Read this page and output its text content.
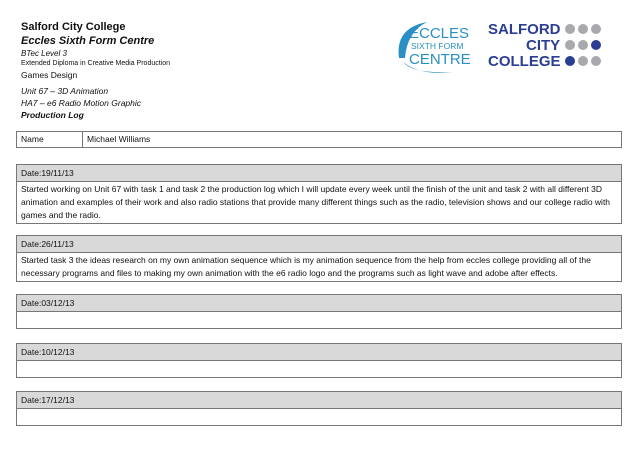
Salford City College
Eccles Sixth Form Centre
BTec Level 3
Extended Diploma in Creative Media Production
Games Design
Unit 67 – 3D Animation
HA7 – e6 Radio Motion Graphic
Production Log
ECCLES
SIXTH FORM
CENTRE
SALFORD
CITY
COLLEGE
Name	Michael Williams
Date:19/11/13
Started working on Unit 67 with task 1 and task 2 the production log which I will update every week until the finish of the unit and task 2 with all different 3D animation and examples of their work and also radio stations that provide many different things such as the radio, television shows and our college radio with games and the radio.
Date:26/11/13
Started task 3 the ideas research on my own animation sequence which is my animation sequence from the help from eccles college providing all of the necessary programs and files to making my own animation with the e6 radio logo and the programs such as light wave and adobe after effects.
Date:03/12/13
Date:10/12/13
Date:17/12/13
